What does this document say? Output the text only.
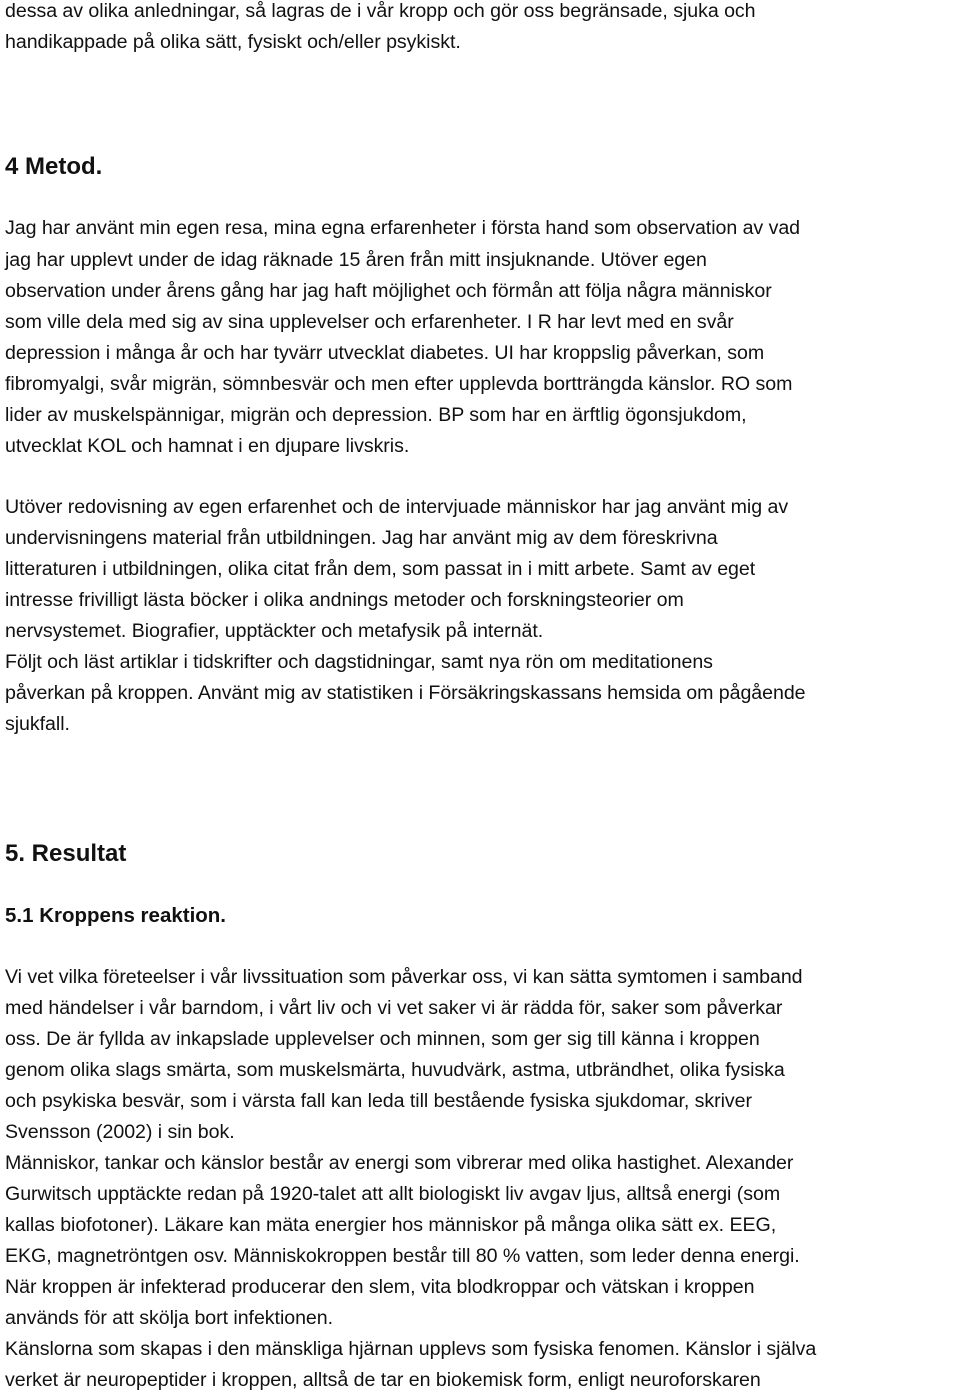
dessa av olika anledningar, så lagras de i vår kropp och gör oss begränsade, sjuka och
handikappade på olika sätt, fysiskt och/eller psykiskt.
4 Metod.
Jag har använt min egen resa, mina egna erfarenheter i första hand som observation av vad
jag har upplevt under de idag räknade 15 åren från mitt insjuknande. Utöver egen
observation under årens gång har jag haft möjlighet och förmån att följa några människor
som ville dela med sig av sina upplevelser och erfarenheter. I R har levt med en svår
depression i många år och har tyvärr utvecklat diabetes. UI har kroppslig påverkan, som
fibromyalgi, svår migrän, sömnbesvär och men efter upplevda bortträngda känslor. RO som
lider av muskelspännigar, migrän och depression. BP som har en ärftlig ögonsjukdom,
utvecklat KOL och hamnat i en djupare livskris.
Utöver redovisning av egen erfarenhet och de intervjuade människor har jag använt mig av
undervisningens material från utbildningen. Jag har använt mig av dem föreskrivna
litteraturen i utbildningen, olika citat från dem, som passat in i mitt arbete. Samt av eget
intresse frivilligt lästa böcker i olika andnings metoder och forskningsteorier om
nervsystemet. Biografier, upptäckter och metafysik på internät.
Följt och läst artiklar i tidskrifter och dagstidningar, samt nya rön om meditationens
påverkan på kroppen. Använt mig av statistiken i Försäkringskassans hemsida om pågående
sjukfall.
5. Resultat
5.1 Kroppens reaktion.
Vi vet vilka företeelser i vår livssituation som påverkar oss, vi kan sätta symtomen i samband
med händelser i vår barndom, i vårt liv och vi vet saker vi är rädda för, saker som påverkar
oss. De är fyllda av inkapslade upplevelser och minnen, som ger sig till känna i kroppen
genom olika slags smärta, som muskelsmärta, huvudvärk, astma, utbrändhet, olika fysiska
och psykiska besvär, som i värsta fall kan leda till bestående fysiska sjukdomar, skriver
Svensson (2002) i sin bok.
Människor, tankar och känslor består av energi som vibrerar med olika hastighet. Alexander
Gurwitsch upptäckte redan på 1920-talet att allt biologiskt liv avgav ljus, alltså energi (som
kallas biofotoner). Läkare kan mäta energier hos människor på många olika sätt ex. EEG,
EKG, magnetröntgen osv. Människokroppen består till 80 % vatten, som leder denna energi.
När kroppen är infekterad producerar den slem, vita blodkroppar och vätskan i kroppen
används för att skölja bort infektionen.
Känslorna som skapas i den mänskliga hjärnan upplevs som fysiska fenomen. Känslor i själva
verket är neuropeptider i kroppen, alltså de tar en biokemisk form, enligt neuroforskaren
